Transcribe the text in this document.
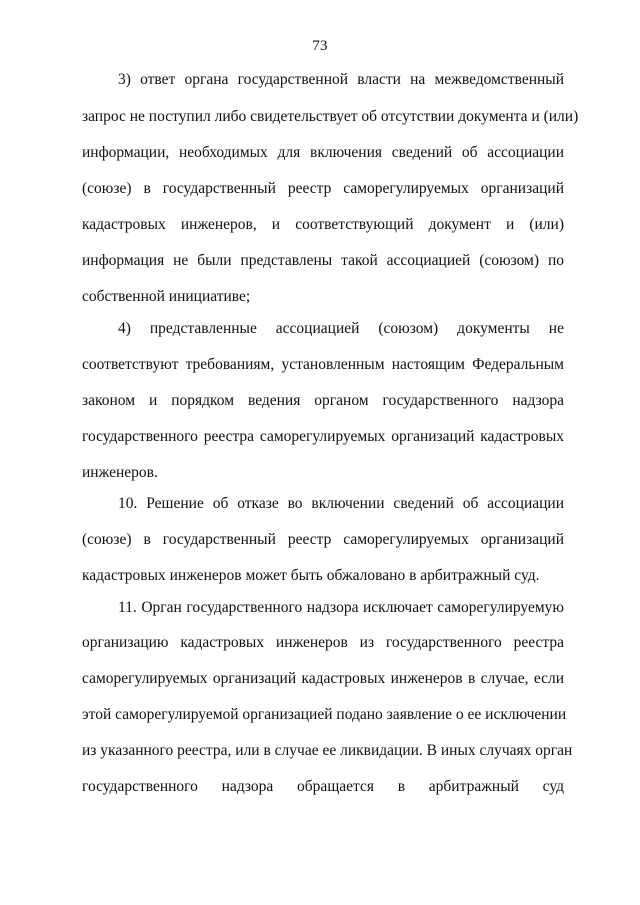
73
3) ответ органа государственной власти на межведомственный
запрос не поступил либо свидетельствует об отсутствии документа и (или)
информации, необходимых для включения сведений об ассоциации
(союзе) в государственный реестр саморегулируемых организаций
кадастровых инженеров, и соответствующий документ и (или)
информация не были представлены такой ассоциацией (союзом) по
собственной инициативе;
4) представленные ассоциацией (союзом) документы не
соответствуют требованиям, установленным настоящим Федеральным
законом и порядком ведения органом государственного надзора
государственного реестра саморегулируемых организаций кадастровых
инженеров.
10. Решение об отказе во включении сведений об ассоциации
(союзе) в государственный реестр саморегулируемых организаций
кадастровых инженеров может быть обжаловано в арбитражный суд.
11. Орган государственного надзора исключает саморегулируемую
организацию кадастровых инженеров из государственного реестра
саморегулируемых организаций кадастровых инженеров в случае, если
этой саморегулируемой организацией подано заявление о ее исключении
из указанного реестра, или в случае ее ликвидации. В иных случаях орган
государственного надзора обращается в арбитражный суд
